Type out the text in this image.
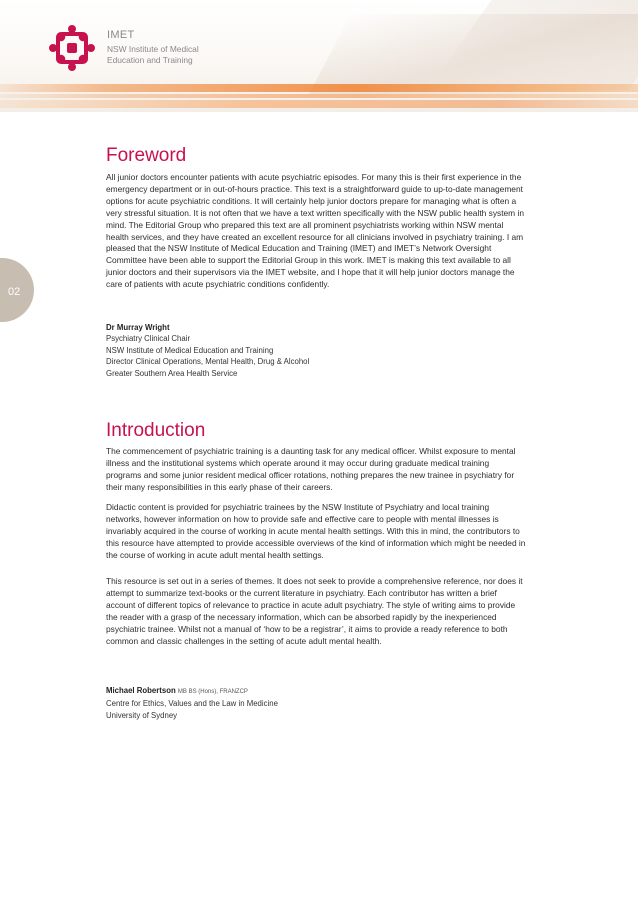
IMET
NSW Institute of Medical
Education and Training
02
Foreword

All junior doctors encounter patients with acute psychiatric episodes. For many this is their first experience in the emergency department or in out-of-hours practice. This text is a straightforward guide to up-to-date management options for acute psychiatric conditions. It will certainly help junior doctors prepare for managing what is often a very stressful situation. It is not often that we have a text written specifically with the NSW public health system in mind. The Editorial Group who prepared this text are all prominent psychiatrists working within NSW mental health services, and they have created an excellent resource for all clinicians involved in psychiatry training. I am pleased that the NSW Institute of Medical Education and Training (IMET) and IMET’s Network Oversight Committee have been able to support the Editorial Group in this work. IMET is making this text available to all junior doctors and their supervisors via the IMET website, and I hope that it will help junior doctors manage the care of patients with acute psychiatric conditions confidently.

Dr Murray Wright
Psychiatry Clinical Chair
NSW Institute of Medical Education and Training
Director Clinical Operations, Mental Health, Drug & Alcohol
Greater Southern Area Health Service
Introduction

The commencement of psychiatric training is a daunting task for any medical officer. Whilst exposure to mental illness and the institutional systems which operate around it may occur during graduate medical training programs and some junior resident medical officer rotations, nothing prepares the new trainee in psychiatry for their many responsibilities in this early phase of their careers.

Didactic content is provided for psychiatric trainees by the NSW Institute of Psychiatry and local training networks, however information on how to provide safe and effective care to people with mental illnesses is invariably acquired in the course of working in acute mental health settings. With this in mind, the contributors to this resource have attempted to provide accessible overviews of the kind of information which might be needed in the course of working in acute adult mental health settings.

This resource is set out in a series of themes. It does not seek to provide a comprehensive reference, nor does it attempt to summarize text-books or the current literature in psychiatry. Each contributor has written a brief account of different topics of relevance to practice in acute adult psychiatry. The style of writing aims to provide the reader with a grasp of the necessary information, which can be absorbed rapidly by the inexperienced psychiatric trainee. Whilst not a manual of ‘how to be a registrar’, it aims to provide a ready reference to both common and classic challenges in the setting of acute adult mental health.

Michael Robertson MB BS (Hons), FRANZCP
Centre for Ethics, Values and the Law in Medicine
University of Sydney
